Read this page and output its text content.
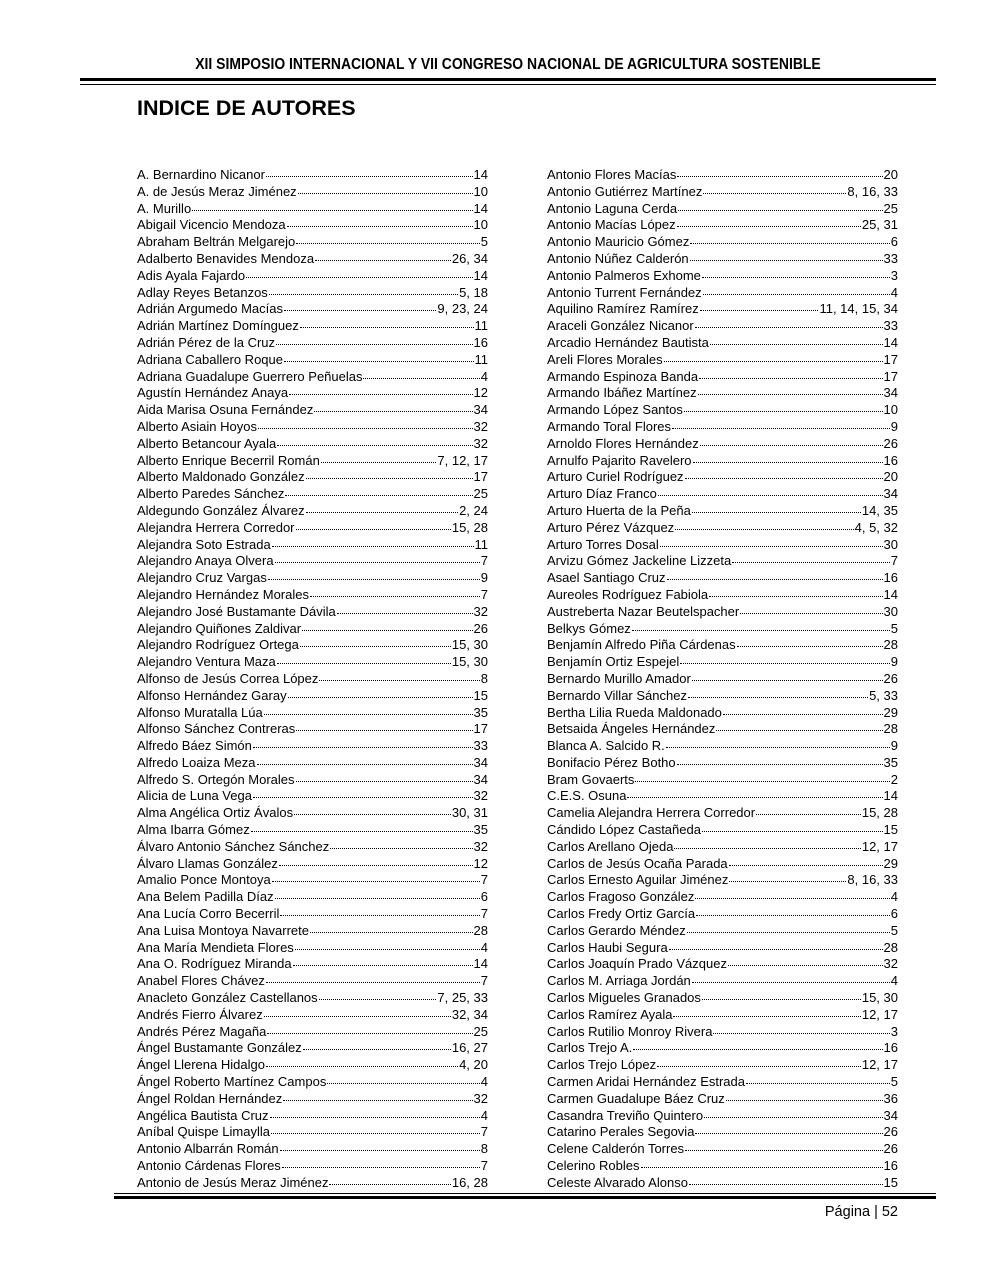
XII SIMPOSIO INTERNACIONAL Y VII CONGRESO NACIONAL DE AGRICULTURA SOSTENIBLE
INDICE DE AUTORES
A. Bernardino Nicanor	14
A. de Jesús Meraz Jiménez	10
A. Murillo	14
Abigail Vicencio Mendoza	10
Abraham Beltrán Melgarejo	5
Adalberto Benavides Mendoza	26, 34
Adis Ayala Fajardo	14
Adlay Reyes Betanzos	5, 18
Adrián Argumedo Macías	9, 23, 24
Adrián Martínez Domínguez	11
Adrián Pérez de la Cruz	16
Adriana Caballero Roque	11
Adriana Guadalupe Guerrero Peñuelas	4
Agustín Hernández Anaya	12
Aida Marisa Osuna Fernández	34
Alberto Asiain Hoyos	32
Alberto Betancour Ayala	32
Alberto Enrique Becerril Román	7, 12, 17
Alberto Maldonado González	17
Alberto Paredes Sánchez	25
Aldegundo González Álvarez	2, 24
Alejandra Herrera Corredor	15, 28
Alejandra Soto Estrada	11
Alejandro Anaya Olvera	7
Alejandro Cruz Vargas	9
Alejandro Hernández Morales	7
Alejandro José Bustamante Dávila	32
Alejandro Quiñones Zaldivar	26
Alejandro Rodríguez Ortega	15, 30
Alejandro Ventura Maza	15, 30
Alfonso de Jesús Correa López	8
Alfonso Hernández Garay	15
Alfonso Muratalla Lúa	35
Alfonso Sánchez Contreras	17
Alfredo Báez Simón	33
Alfredo Loaiza Meza	34
Alfredo S. Ortegón Morales	34
Alicia de Luna Vega	32
Alma Angélica Ortiz Ávalos	30, 31
Alma Ibarra Gómez	35
Álvaro Antonio Sánchez Sánchez	32
Álvaro Llamas González	12
Amalio Ponce Montoya	7
Ana Belem Padilla Díaz	6
Ana Lucía Corro Becerril	7
Ana Luisa Montoya Navarrete	28
Ana María Mendieta Flores	4
Ana O. Rodríguez Miranda	14
Anabel Flores Chávez	7
Anacleto González Castellanos	7, 25, 33
Andrés Fierro Álvarez	32, 34
Andrés Pérez Magaña	25
Ángel Bustamante González	16, 27
Ángel Llerena Hidalgo	4, 20
Ángel Roberto Martínez Campos	4
Ángel Roldan Hernández	32
Angélica Bautista Cruz	4
Aníbal Quispe Limaylla	7
Antonio Albarrán Román	8
Antonio Cárdenas Flores	7
Antonio de Jesús Meraz Jiménez	16, 28
Antonio Flores Macías	20
Antonio Gutiérrez Martínez	8, 16, 33
Antonio Laguna Cerda	25
Antonio Macías López	25, 31
Antonio Mauricio Gómez	6
Antonio Núñez Calderón	33
Antonio Palmeros Exhome	3
Antonio Turrent Fernández	4
Aquilino Ramírez Ramírez	11, 14, 15, 34
Araceli González Nicanor	33
Arcadio Hernández Bautista	14
Areli Flores Morales	17
Armando Espinoza Banda	17
Armando Ibáñez Martínez	34
Armando López Santos	10
Armando Toral Flores	9
Arnoldo Flores Hernández	26
Arnulfo Pajarito Ravelero	16
Arturo Curiel Rodríguez	20
Arturo Díaz Franco	34
Arturo Huerta de la Peña	14, 35
Arturo Pérez Vázquez	4, 5, 32
Arturo Torres Dosal	30
Arvizu Gómez Jackeline Lizzeta	7
Asael Santiago Cruz	16
Aureoles Rodríguez Fabiola	14
Austreberta Nazar Beutelspacher	30
Belkys Gómez	5
Benjamín Alfredo Piña Cárdenas	28
Benjamín Ortiz Espejel	9
Bernardo Murillo Amador	26
Bernardo Villar Sánchez	5, 33
Bertha Lilia Rueda Maldonado	29
Betsaida Ángeles Hernández	28
Blanca A. Salcido R.	9
Bonifacio Pérez Botho	35
Bram Govaerts	2
C.E.S. Osuna	14
Camelia Alejandra Herrera Corredor	15, 28
Cándido López Castañeda	15
Carlos Arellano Ojeda	12, 17
Carlos de Jesús Ocaña Parada	29
Carlos Ernesto Aguilar Jiménez	8, 16, 33
Carlos Fragoso González	4
Carlos Fredy Ortiz García	6
Carlos Gerardo Méndez	5
Carlos Haubi Segura	28
Carlos Joaquín Prado Vázquez	32
Carlos M. Arriaga Jordán	4
Carlos Migueles Granados	15, 30
Carlos Ramírez Ayala	12, 17
Carlos Rutilio Monroy Rivera	3
Carlos Trejo A.	16
Carlos Trejo López	12, 17
Carmen Aridai Hernández Estrada	5
Carmen Guadalupe Báez Cruz	36
Casandra Treviño Quintero	34
Catarino Perales Segovia	26
Celene Calderón Torres	26
Celerino Robles	16
Celeste Alvarado Alonso	15
Página | 52
